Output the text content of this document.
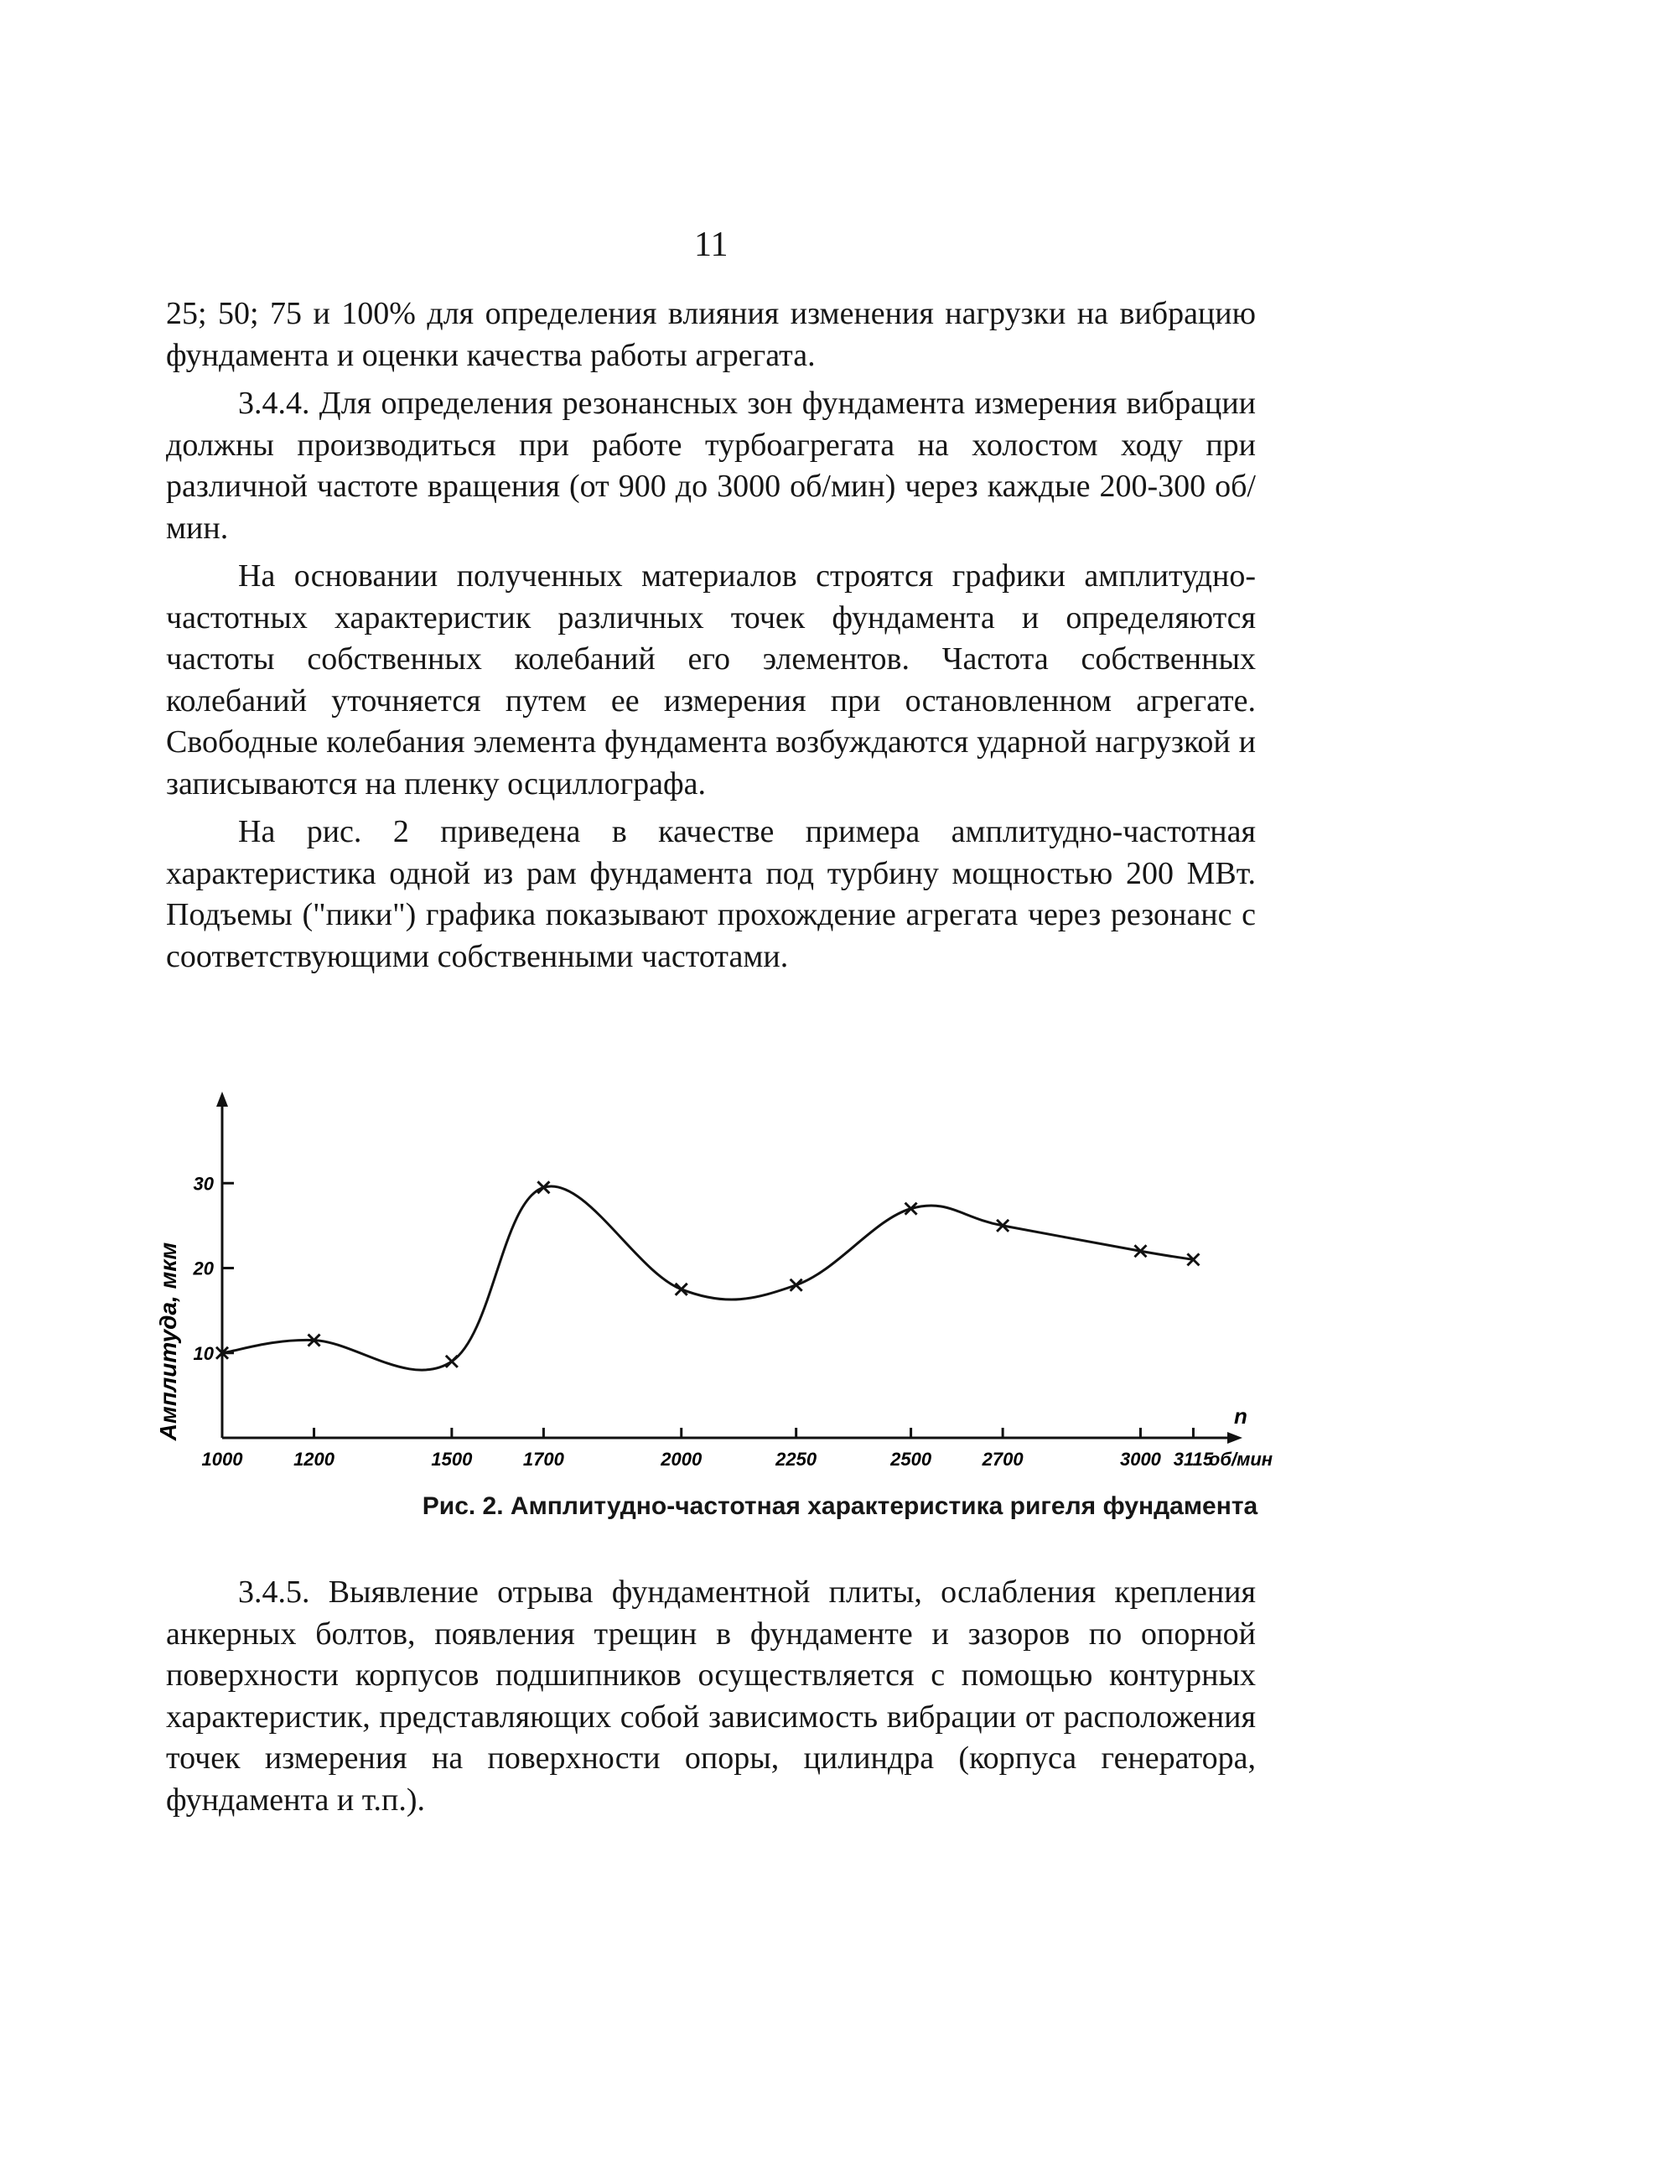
11

25; 50; 75 и 100% для определения влияния изменения нагрузки на вибрацию фундамента и оценки качества работы агрегата.

3.4.4. Для определения резонансных зон фундамента измерения вибрации должны производиться при работе турбоагрегата на холостом ходу при различной частоте вращения (от 900 до 3000 об/мин) через каждые 200-300 об/мин.

На основании полученных материалов строятся графики амплитудно-частотных характеристик различных точек фундамента и определяются частоты собственных колебаний его элементов. Частота собственных колебаний уточняется путем ее измерения при остановленном агрегате. Свободные колебания элемента фундамента возбуждаются ударной нагрузкой и записываются на пленку осциллографа.

На рис. 2 приведена в качестве примера амплитудно-частотная характеристика одной из рам фундамента под турбину мощностью 200 МВт. Подъемы ("пики") графика показывают прохождение агрегата через резонанс с соответствующими собственными частотами.

10
20
30
1000	1200	1500	1700	2000	2250	2500	2700	3000 3115
Амплитуда, мкм	n
об/мин
Рис. 2. Амплитудно-частотная характеристика ригеля фундамента

3.4.5. Выявление отрыва фундаментной плиты, ослабления крепления анкерных болтов, появления трещин в фундаменте и зазоров по опорной поверхности корпусов подшипников осуществляется с помощью контурных характеристик, представляющих собой зависимость вибрации от расположения точек измерения на поверхности опоры, цилиндра (корпуса генератора, фундамента и т.п.).
